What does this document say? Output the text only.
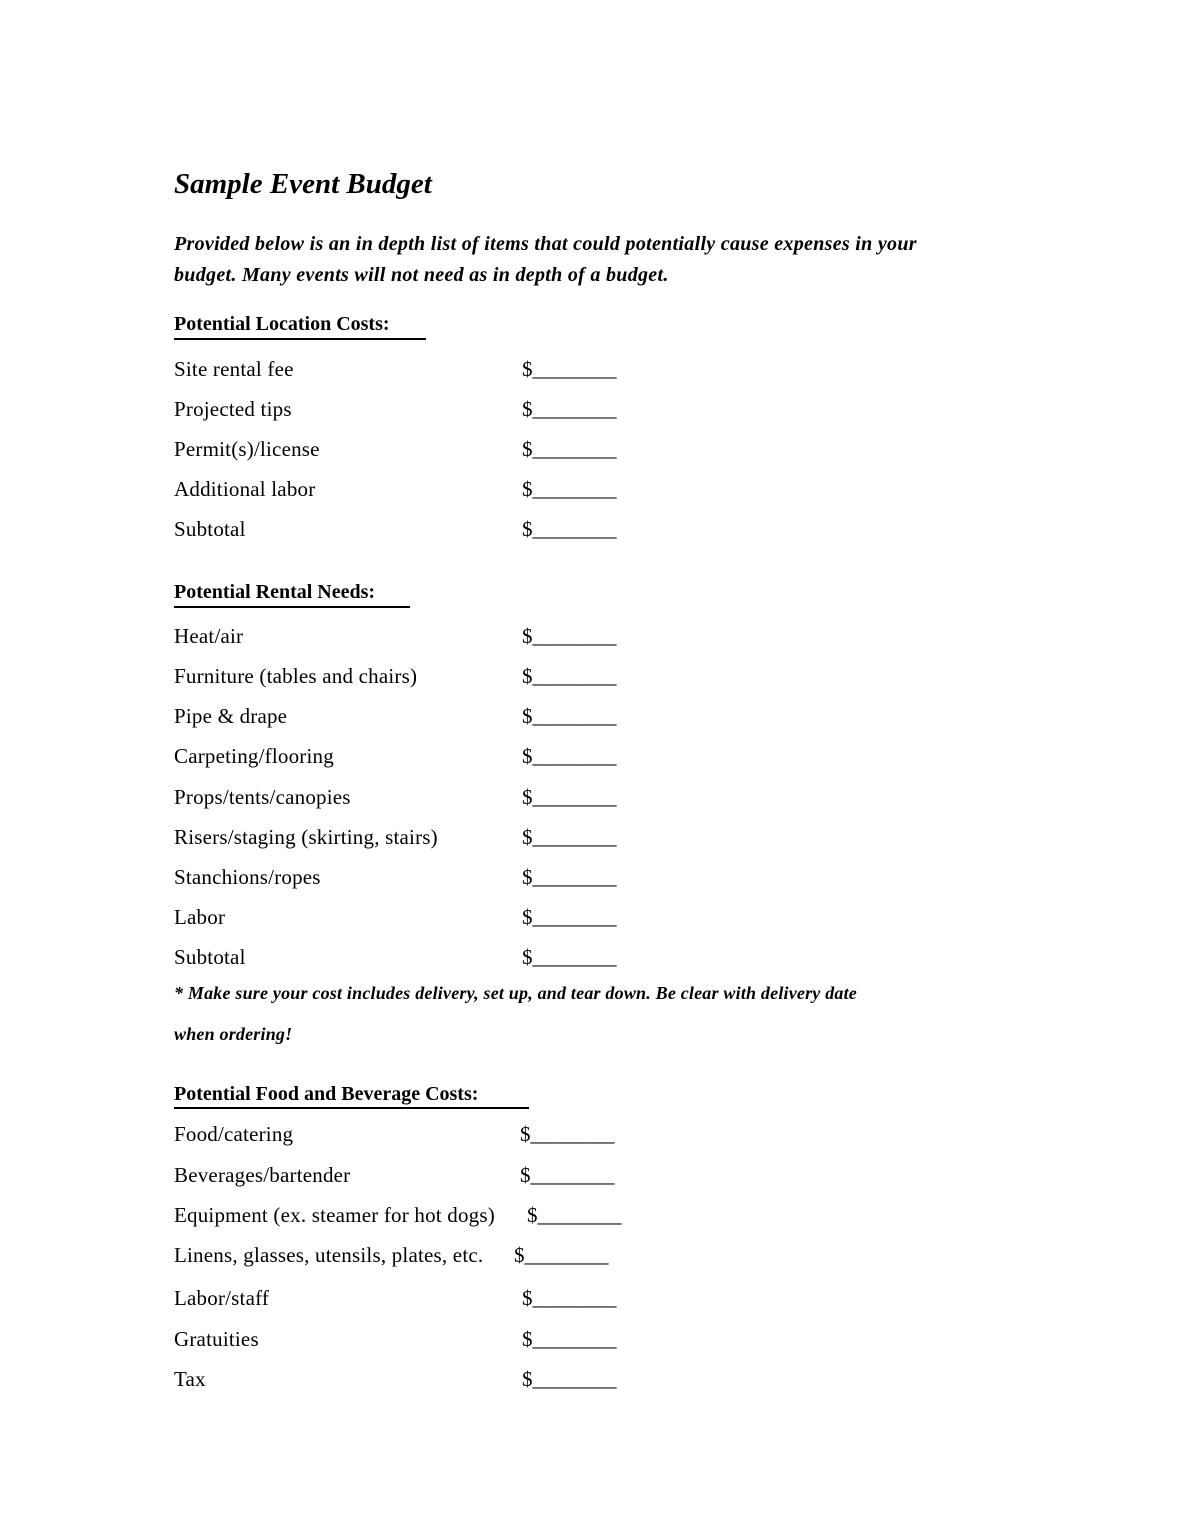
Sample Event Budget
Provided below is an in depth list of items that could potentially cause expenses in your
budget. Many events will not need as in depth of a budget.
Potential Location Costs:
Site rental fee	$________
Projected tips	$________
Permit(s)/license	$________
Additional labor	$________
Subtotal	$________
Potential Rental Needs:
Heat/air	$________
Furniture (tables and chairs)	$________
Pipe & drape	$________
Carpeting/flooring	$________
Props/tents/canopies	$________
Risers/staging (skirting, stairs)	$________
Stanchions/ropes	$________
Labor	$________
Subtotal	$________
* Make sure your cost includes delivery, set up, and tear down. Be clear with delivery date
when ordering!
Potential Food and Beverage Costs:
Food/catering	$________
Beverages/bartender	$________
Equipment (ex. steamer for hot dogs) $________
Linens, glasses, utensils, plates, etc. $________
Labor/staff	$________
Gratuities	$________
Tax	$________
